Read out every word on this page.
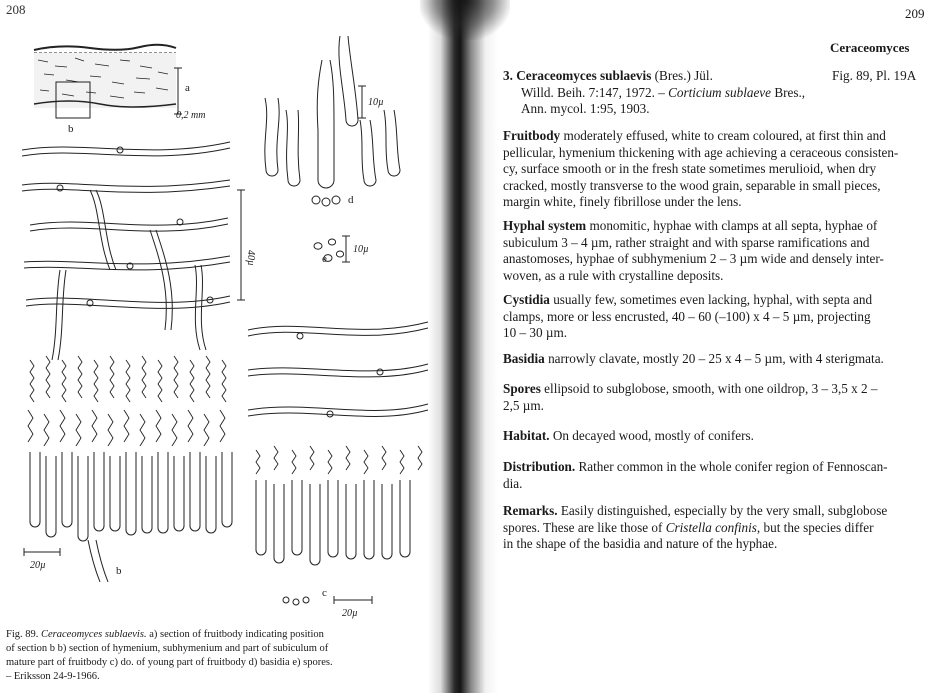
208
a
b
0,2 mm
20µ	b
40µ
d
10µ
e
10µ
c
20µ
Fig. 89. Ceraceomyces sublaevis. a) section of fruitbody indicating position
of section b b) section of hymenium, subhymenium and part of subiculum of
mature part of fruitbody c) do. of young part of fruitbody d) basidia e) spores.
– Eriksson 24-9-1966.
209
Ceraceomyces
3. Ceraceomyces sublaevis (Bres.) Jül.

Willd. Beih. 7:147, 1972. – Corticium sublaeve Bres.,
Ann. mycol. 1:95, 1903.
Fig. 89, Pl. 19A
Fruitbody moderately effused, white to cream coloured, at first thin and
pellicular, hymenium thickening with age achieving a ceraceous consisten-
cy, surface smooth or in the fresh state sometimes merulioid, when dry
cracked, mostly transverse to the wood grain, separable in small pieces,
margin white, finely fibrillose under the lens.
Hyphal system monomitic, hyphae with clamps at all septa, hyphae of
subiculum 3 – 4 µm, rather straight and with sparse ramifications and
anastomoses, hyphae of subhymenium 2 – 3 µm wide and densely inter-
woven, as a rule with crystalline deposits.
Cystidia usually few, sometimes even lacking, hyphal, with septa and
clamps, more or less encrusted, 40 – 60 (–100) x 4 – 5 µm, projecting
10 – 30 µm.
Basidia narrowly clavate, mostly 20 – 25 x 4 – 5 µm, with 4 sterigmata.
Spores ellipsoid to subglobose, smooth, with one oildrop, 3 – 3,5 x 2 –
2,5 µm.
Habitat. On decayed wood, mostly of conifers.
Distribution. Rather common in the whole conifer region of Fennoscan-
dia.
Remarks. Easily distinguished, especially by the very small, subglobose
spores. These are like those of Cristella confinis, but the species differ
in the shape of the basidia and nature of the hyphae.
